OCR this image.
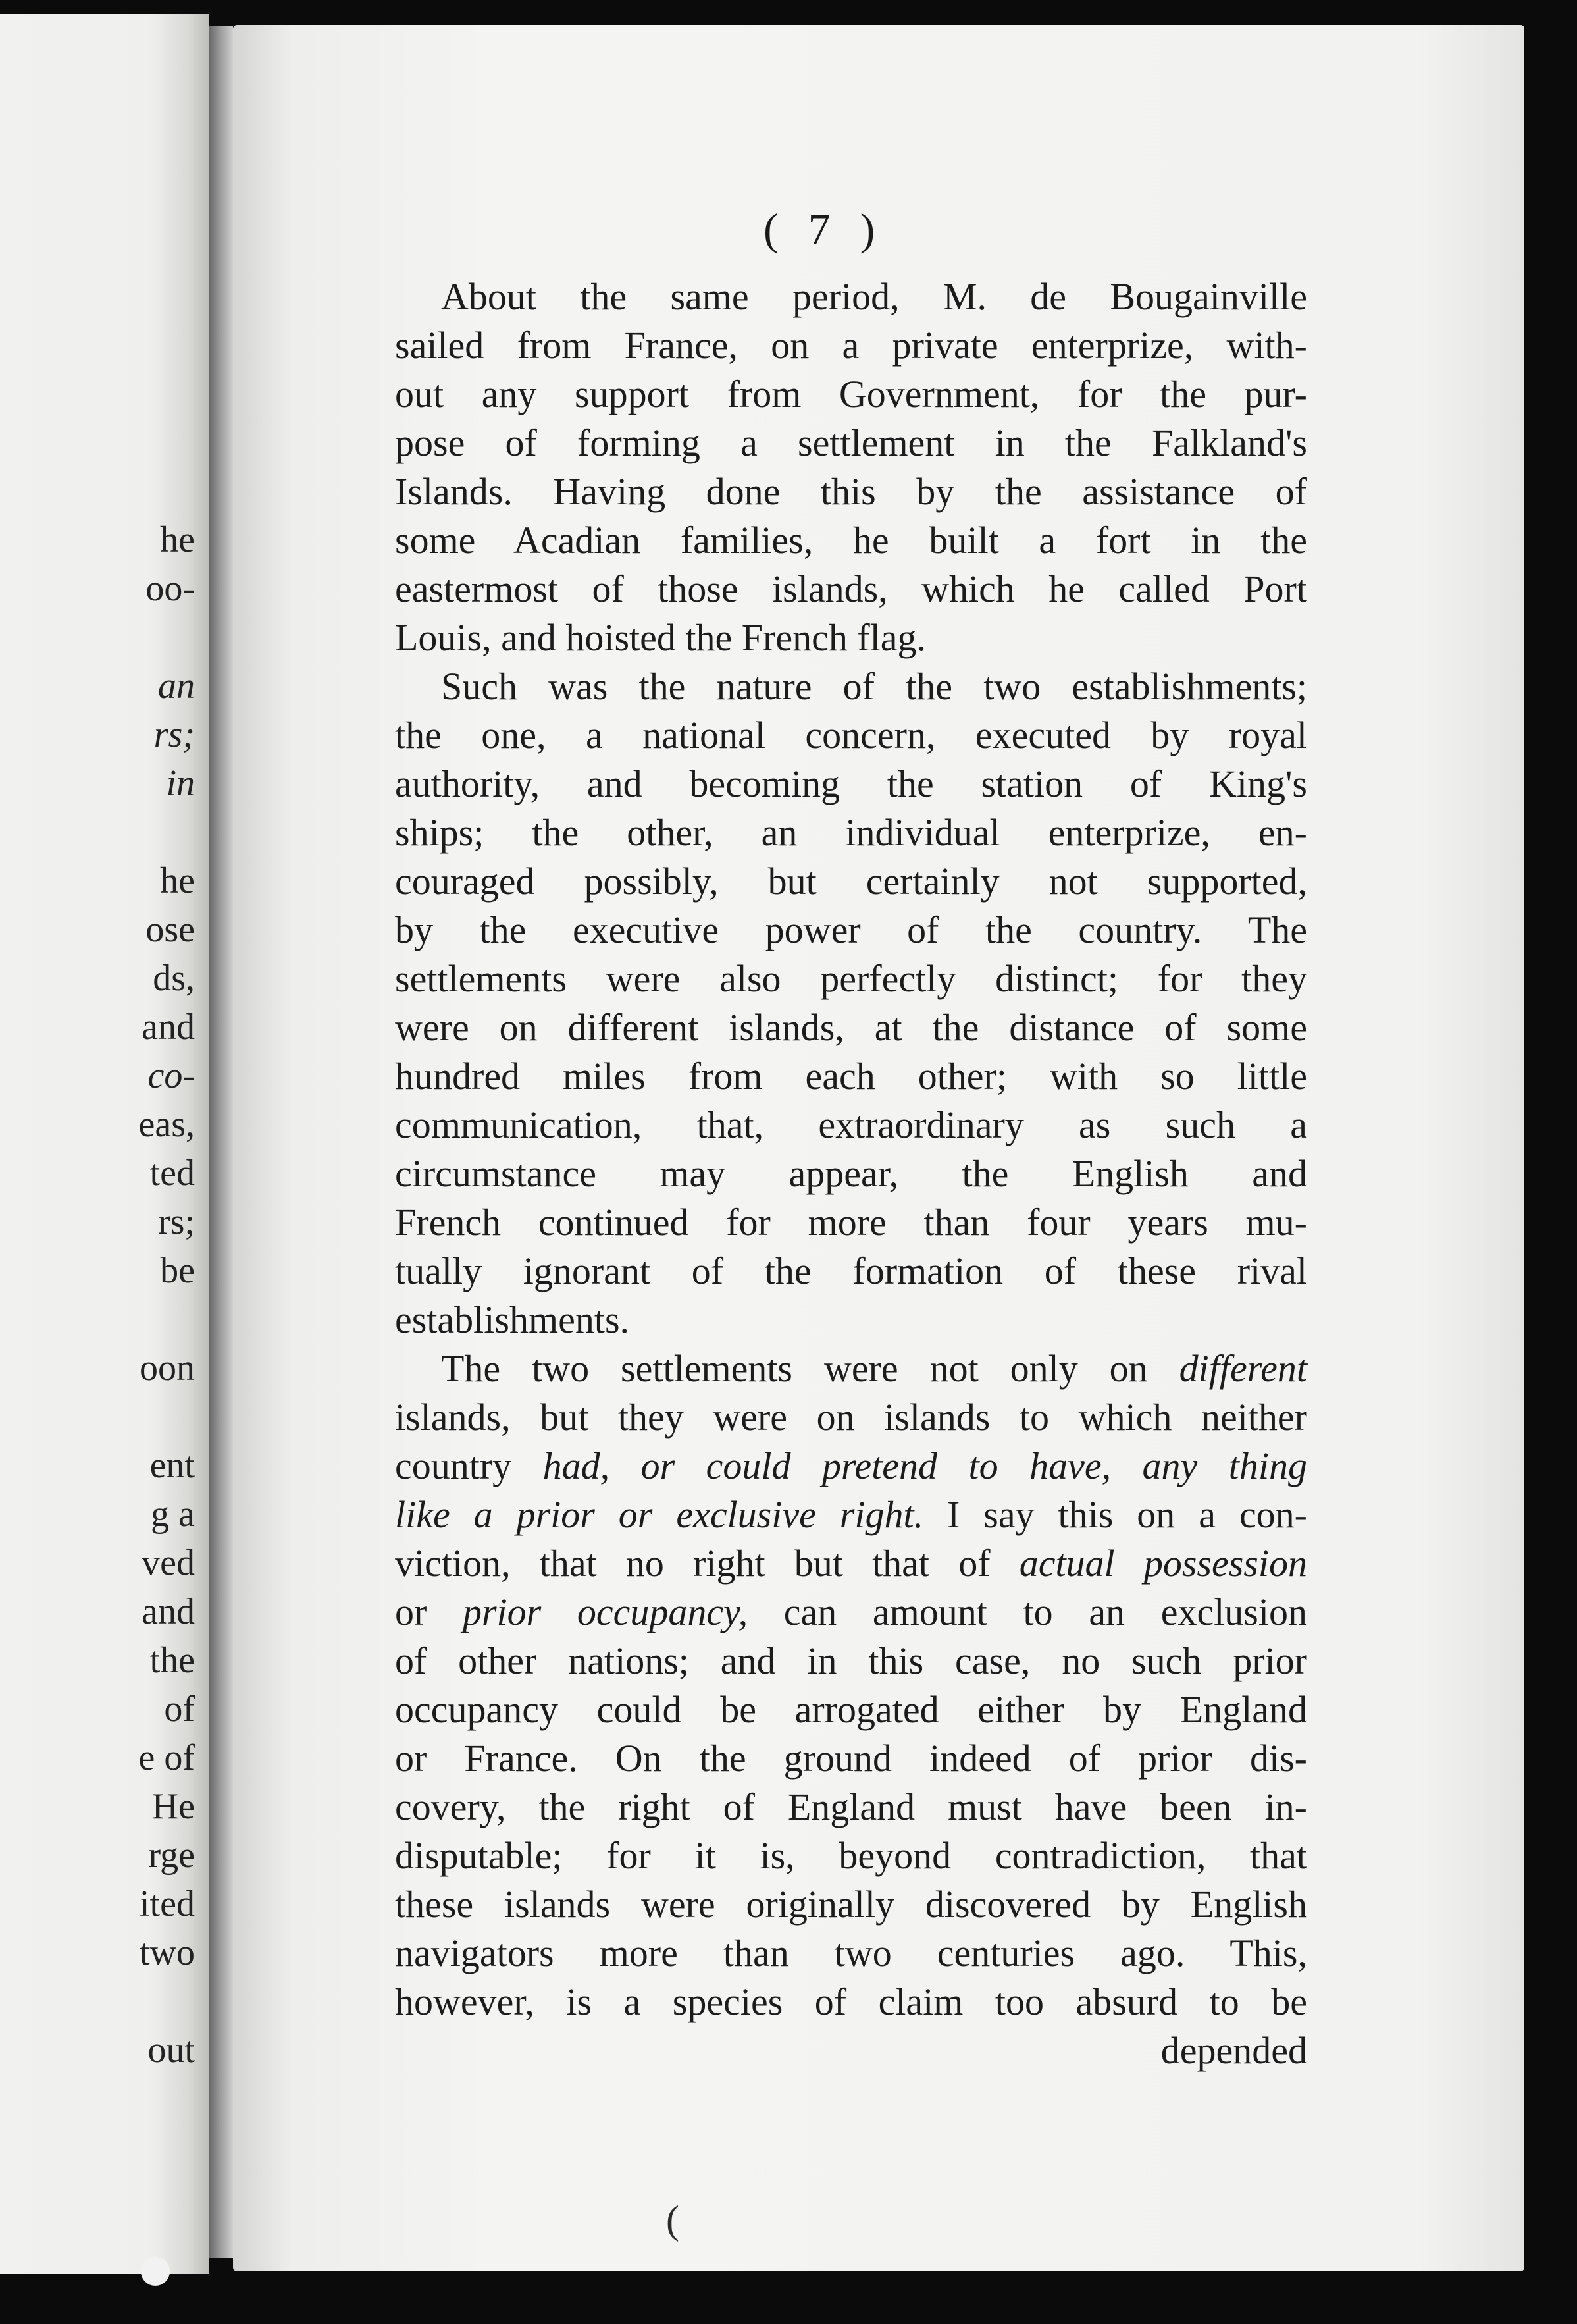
he

oo-

an

rs;

in

he

ose

ds,

and

co-

eas,

ted

rs;

be

oon

ent

g a

ved

and

the

of

e of

He

rge

ited

two

out

( 7 )

About the same period, M. de Bougainville

sailed from France, on a private enterprize, with-

out any support from Government, for the pur-

pose of forming a settlement in the Falkland's

Islands. Having done this by the assistance of

some Acadian families, he built a fort in the

eastermost of those islands, which he called Port

Louis, and hoisted the French flag.

Such was the nature of the two establishments;

the one, a national concern, executed by royal

authority, and becoming the station of King's

ships; the other, an individual enterprize, en-

couraged possibly, but certainly not supported,

by the executive power of the country. The

settlements were also perfectly distinct; for they

were on different islands, at the distance of some

hundred miles from each other; with so little

communication, that, extraordinary as such a

circumstance may appear, the English and

French continued for more than four years mu-

tually ignorant of the formation of these rival

establishments.

The two settlements were not only on different

islands, but they were on islands to which neither

country had, or could pretend to have, any thing

like a prior or exclusive right. I say this on a con-

viction, that no right but that of actual possession

or prior occupancy, can amount to an exclusion

of other nations; and in this case, no such prior

occupancy could be arrogated either by England

or France. On the ground indeed of prior dis-

covery, the right of England must have been in-

disputable; for it is, beyond contradiction, that

these islands were originally discovered by English

navigators more than two centuries ago. This,

however, is a species of claim too absurd to be

depended

(
